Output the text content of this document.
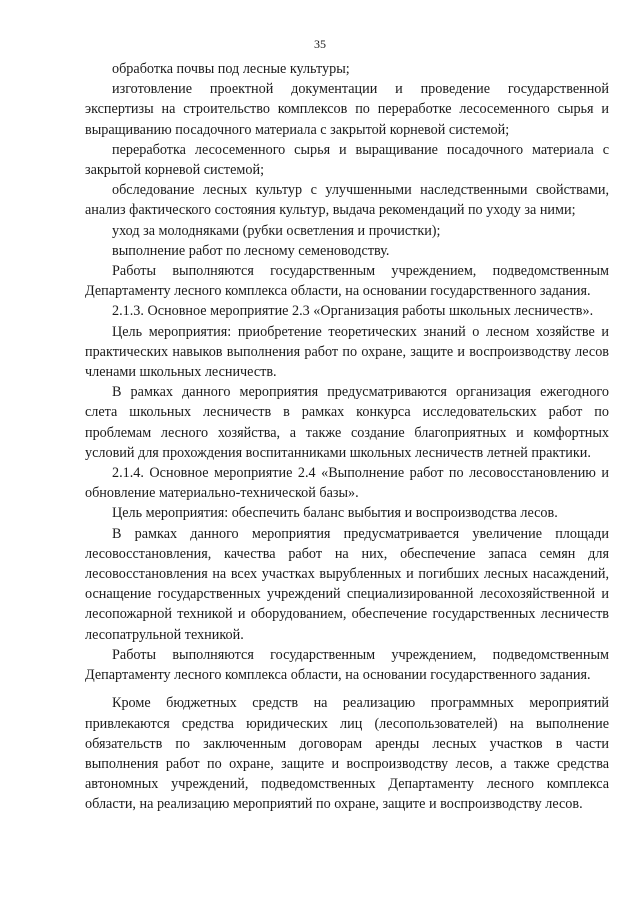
35

обработка почвы под лесные культуры;

изготовление проектной документации и проведение государственной экспертизы на строительство комплексов по переработке лесосеменного сырья и выращиванию посадочного материала с закрытой корневой системой;

переработка лесосеменного сырья и выращивание посадочного материала с закрытой корневой системой;

обследование лесных культур с улучшенными наследственными свойствами, анализ фактического состояния культур, выдача рекомендаций по уходу за ними;

уход за молодняками (рубки осветления и прочистки);

выполнение работ по лесному семеноводству.

Работы выполняются государственным учреждением, подведомственным Департаменту лесного комплекса области, на основании государственного задания.

2.1.3. Основное мероприятие 2.3 «Организация работы школьных лесничеств».

Цель мероприятия: приобретение теоретических знаний о лесном хозяйстве и практических навыков выполнения работ по охране, защите и воспроизводству лесов членами школьных лесничеств.

В рамках данного мероприятия предусматриваются организация ежегодного слета школьных лесничеств в рамках конкурса исследовательских работ по проблемам лесного хозяйства, а также создание благоприятных и комфортных условий для прохождения воспитанниками школьных лесничеств летней практики.

2.1.4. Основное мероприятие 2.4 «Выполнение работ по лесовосстановлению и обновление материально-технической базы».

Цель мероприятия: обеспечить баланс выбытия и воспроизводства лесов.

В рамках данного мероприятия предусматривается увеличение площади лесовосстановления, качества работ на них, обеспечение запаса семян для лесовосстановления на всех участках вырубленных и погибших лесных насаждений, оснащение государственных учреждений специализированной лесохозяйственной и лесопожарной техникой и оборудованием, обеспечение государственных лесничеств лесопатрульной техникой.

Работы выполняются государственным учреждением, подведомственным Департаменту лесного комплекса области, на основании государственного задания.

Кроме бюджетных средств на реализацию программных мероприятий привлекаются средства юридических лиц (лесопользователей) на выполнение обязательств по заключенным договорам аренды лесных участков в части выполнения работ по охране, защите и воспроизводству лесов, а также средства автономных учреждений, подведомственных Департаменту лесного комплекса области, на реализацию мероприятий по охране, защите и воспроизводству лесов.
